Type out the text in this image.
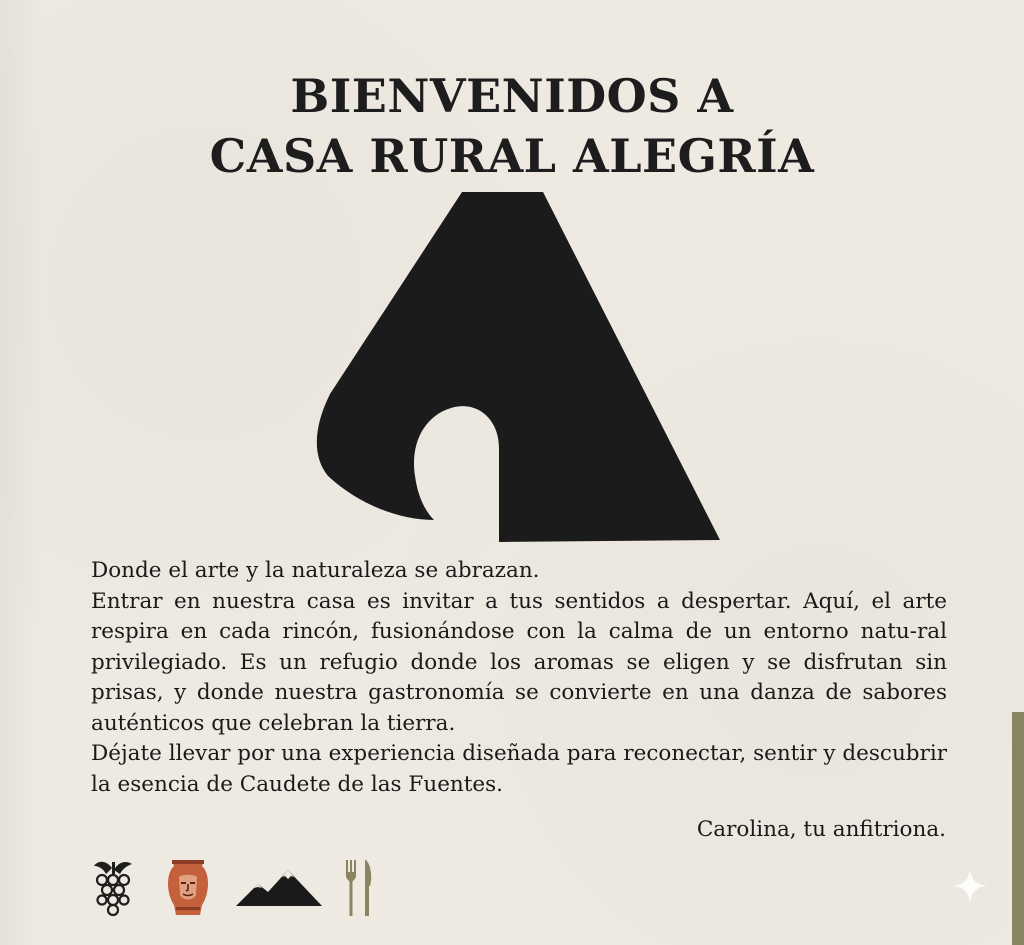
BIENVENIDOS A
CASA RURAL ALEGRÍA

Donde el arte y la naturaleza se abrazan.

Entrar en nuestra casa es invitar a tus sentidos a despertar. Aquí, el arte respira en cada rincón, fusionándose con la calma de un entorno natu-ral privilegiado. Es un refugio donde los aromas se eligen y se disfrutan sin prisas, y donde nuestra gastronomía se convierte en una danza de sabores auténticos que celebran la tierra.

Déjate llevar por una experiencia diseñada para reconectar, sentir y descubrir la esencia de Caudete de las Fuentes.

Carolina, tu anfitriona.
